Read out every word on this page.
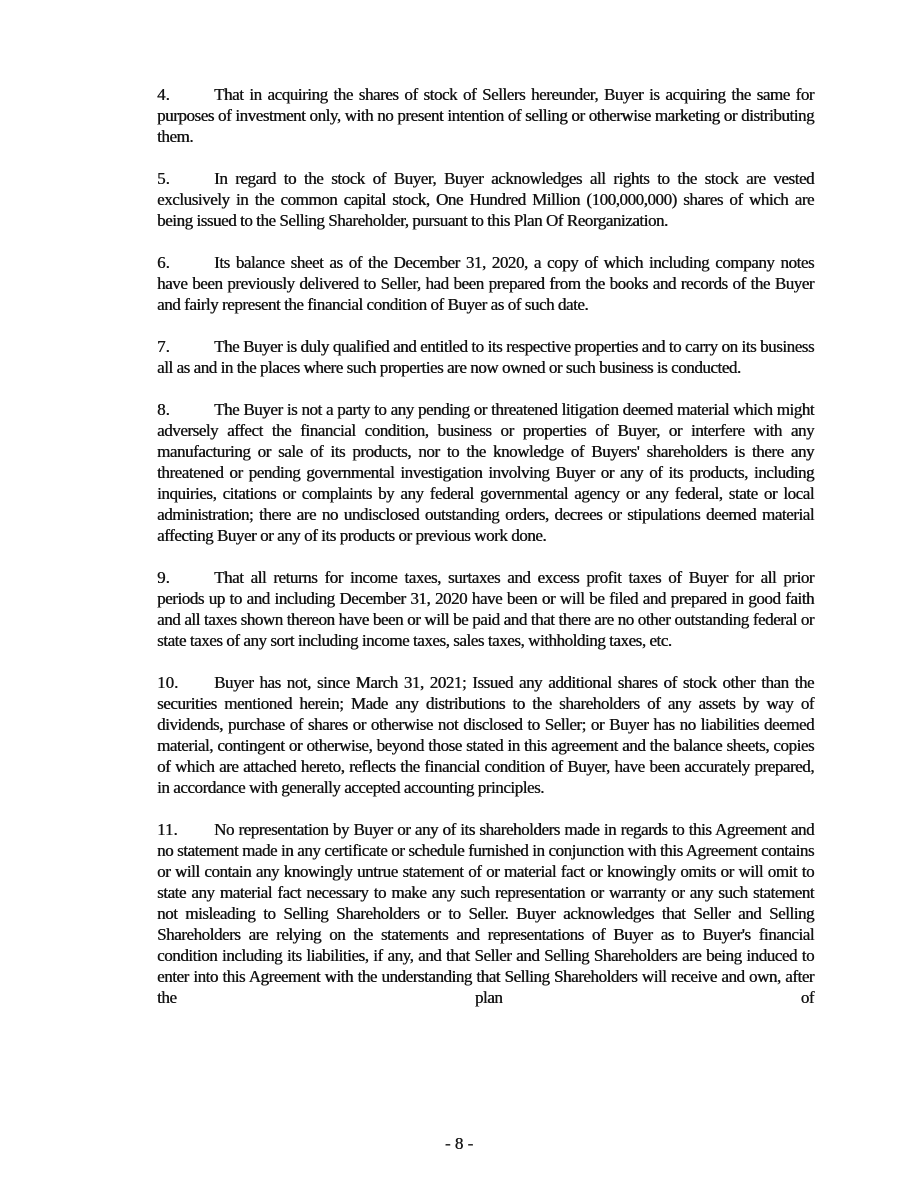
4.	That in acquiring the shares of stock of Sellers hereunder, Buyer is acquiring the same for purposes of investment only, with no present intention of selling or otherwise marketing or distributing them.

5.	In regard to the stock of Buyer, Buyer acknowledges all rights to the stock are vested exclusively in the common capital stock, One Hundred Million (100,000,000) shares of which are being issued to the Selling Shareholder, pursuant to this Plan Of Reorganization.

6.	Its balance sheet as of the December 31, 2020, a copy of which including company notes have been previously delivered to Seller, had been prepared from the books and records of the Buyer and fairly represent the financial condition of Buyer as of such date.

7.	The Buyer is duly qualified and entitled to its respective properties and to carry on its business all as and in the places where such properties are now owned or such business is conducted.

8.	The Buyer is not a party to any pending or threatened litigation deemed material which might adversely affect the financial condition, business or properties of Buyer, or interfere with any manufacturing or sale of its products, nor to the knowledge of Buyers' shareholders is there any threatened or pending governmental investigation involving Buyer or any of its products, including inquiries, citations or complaints by any federal governmental agency or any federal, state or local administration; there are no undisclosed outstanding orders, decrees or stipulations deemed material affecting Buyer or any of its products or previous work done.

9.	That all returns for income taxes, surtaxes and excess profit taxes of Buyer for all prior periods up to and including December 31, 2020 have been or will be filed and prepared in good faith and all taxes shown thereon have been or will be paid and that there are no other outstanding federal or state taxes of any sort including income taxes, sales taxes, withholding taxes, etc.

10. Buyer has not, since March 31, 2021; Issued any additional shares of stock other than the securities mentioned herein; Made any distributions to the shareholders of any assets by way of dividends, purchase of shares or otherwise not disclosed to Seller; or Buyer has no liabilities deemed material, contingent or otherwise, beyond those stated in this agreement and the balance sheets, copies of which are attached hereto, reflects the financial condition of Buyer, have been accurately prepared, in accordance with generally accepted accounting principles.

11. No representation by Buyer or any of its shareholders made in regards to this Agreement and no statement made in any certificate or schedule furnished in conjunction with this Agreement contains or will contain any knowingly untrue statement of or material fact or knowingly omits or will omit to state any material fact necessary to make any such representation or warranty or any such statement not misleading to Selling Shareholders or to Seller. Buyer acknowledges that Seller and Selling Shareholders are relying on the statements and representations of Buyer as to Buyer's financial condition including its liabilities, if any, and that Seller and Selling Shareholders are being induced to enter into this Agreement with the understanding that Selling Shareholders will receive and own, after the plan of

- 8 -
